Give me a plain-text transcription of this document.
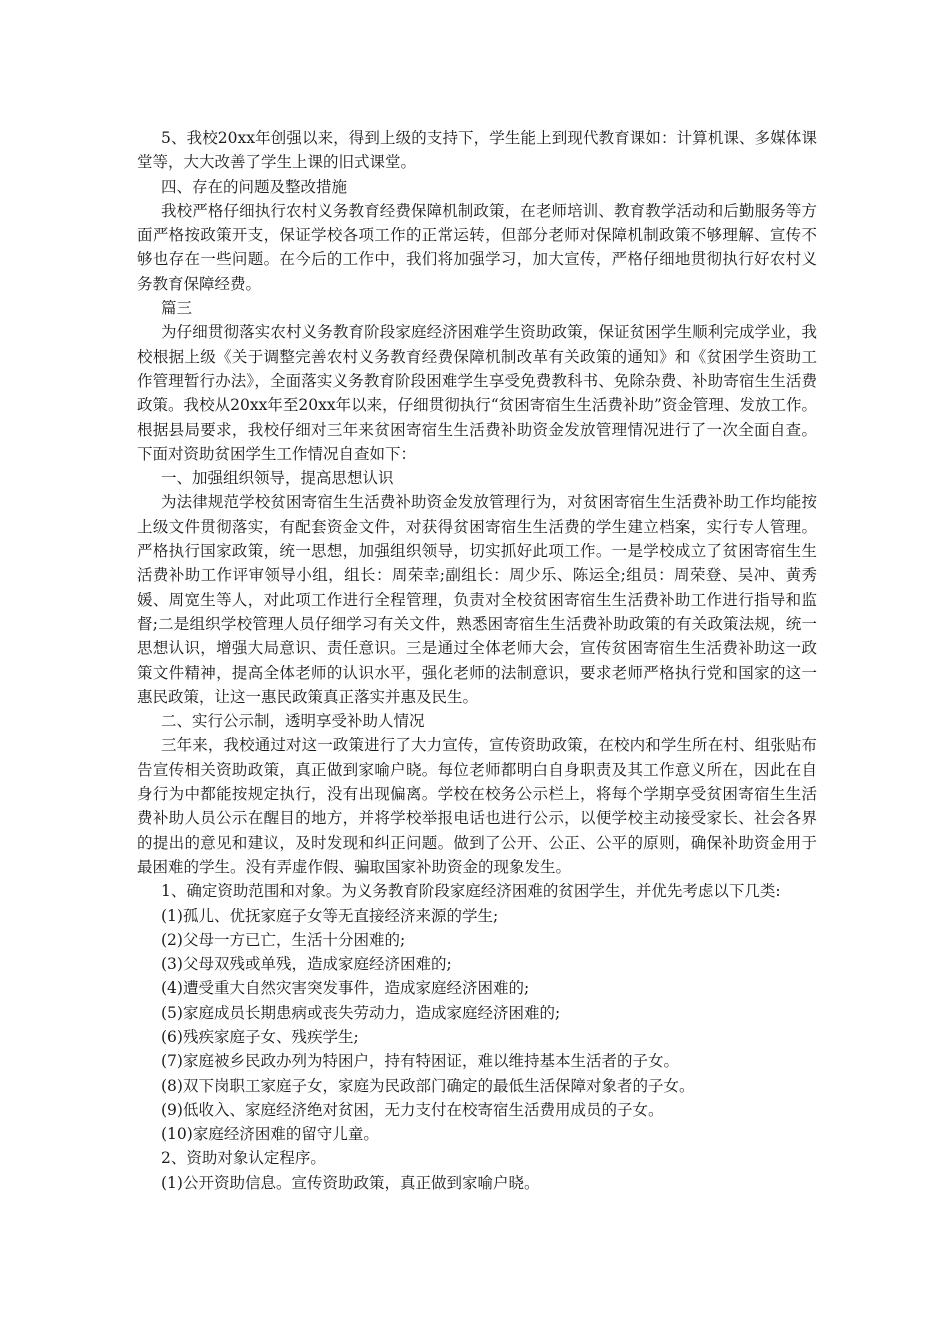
5、我校20xx年创强以来，得到上级的支持下，学生能上到现代教育课如：计算机课、多媒体课堂等，大大改善了学生上课的旧式课堂。

四、存在的问题及整改措施

我校严格仔细执行农村义务教育经费保障机制政策，在老师培训、教育教学活动和后勤服务等方面严格按政策开支，保证学校各项工作的正常运转，但部分老师对保障机制政策不够理解、宣传不够也存在一些问题。在今后的工作中，我们将加强学习，加大宣传，严格仔细地贯彻执行好农村义务教育保障经费。

篇三

为仔细贯彻落实农村义务教育阶段家庭经济困难学生资助政策，保证贫困学生顺利完成学业，我校根据上级《关于调整完善农村义务教育经费保障机制改革有关政策的通知》和《贫困学生资助工作管理暂行办法》，全面落实义务教育阶段困难学生享受免费教科书、免除杂费、补助寄宿生生活费政策。我校从20xx年至20xx年以来，仔细贯彻执行“贫困寄宿生生活费补助”资金管理、发放工作。根据县局要求，我校仔细对三年来贫困寄宿生生活费补助资金发放管理情况进行了一次全面自查。下面对资助贫困学生工作情况自查如下：

一、加强组织领导，提高思想认识

为法律规范学校贫困寄宿生生活费补助资金发放管理行为，对贫困寄宿生生活费补助工作均能按上级文件贯彻落实，有配套资金文件，对获得贫困寄宿生生活费的学生建立档案，实行专人管理。严格执行国家政策，统一思想，加强组织领导，切实抓好此项工作。一是学校成立了贫困寄宿生生活费补助工作评审领导小组，组长：周荣幸;副组长：周少乐、陈运全;组员：周荣登、吴冲、黄秀媛、周宽生等人，对此项工作进行全程管理，负责对全校贫困寄宿生生活费补助工作进行指导和监督;二是组织学校管理人员仔细学习有关文件，熟悉困寄宿生生活费补助政策的有关政策法规，统一思想认识，增强大局意识、责任意识。三是通过全体老师大会，宣传贫困寄宿生生活费补助这一政策文件精神，提高全体老师的认识水平，强化老师的法制意识，要求老师严格执行党和国家的这一惠民政策，让这一惠民政策真正落实并惠及民生。

二、实行公示制，透明享受补助人情况

三年来，我校通过对这一政策进行了大力宣传，宣传资助政策，在校内和学生所在村、组张贴布告宣传相关资助政策，真正做到家喻户晓。每位老师都明白自身职责及其工作意义所在，因此在自身行为中都能按规定执行，没有出现偏离。学校在校务公示栏上，将每个学期享受贫困寄宿生生活费补助人员公示在醒目的地方，并将学校举报电话也进行公示，以便学校主动接受家长、社会各界的提出的意见和建议，及时发现和纠正问题。做到了公开、公正、公平的原则，确保补助资金用于最困难的学生。没有弄虚作假、骗取国家补助资金的现象发生。

1、确定资助范围和对象。为义务教育阶段家庭经济困难的贫困学生，并优先考虑以下几类:

(1)孤儿、优抚家庭子女等无直接经济来源的学生;

(2)父母一方已亡，生活十分困难的;

(3)父母双残或单残，造成家庭经济困难的;

(4)遭受重大自然灾害突发事件，造成家庭经济困难的;

(5)家庭成员长期患病或丧失劳动力，造成家庭经济困难的;

(6)残疾家庭子女、残疾学生;

(7)家庭被乡民政办列为特困户，持有特困证，难以维持基本生活者的子女。

(8)双下岗职工家庭子女，家庭为民政部门确定的最低生活保障对象者的子女。

(9)低收入、家庭经济绝对贫困，无力支付在校寄宿生活费用成员的子女。

(10)家庭经济困难的留守儿童。

2、资助对象认定程序。

(1)公开资助信息。宣传资助政策，真正做到家喻户晓。
